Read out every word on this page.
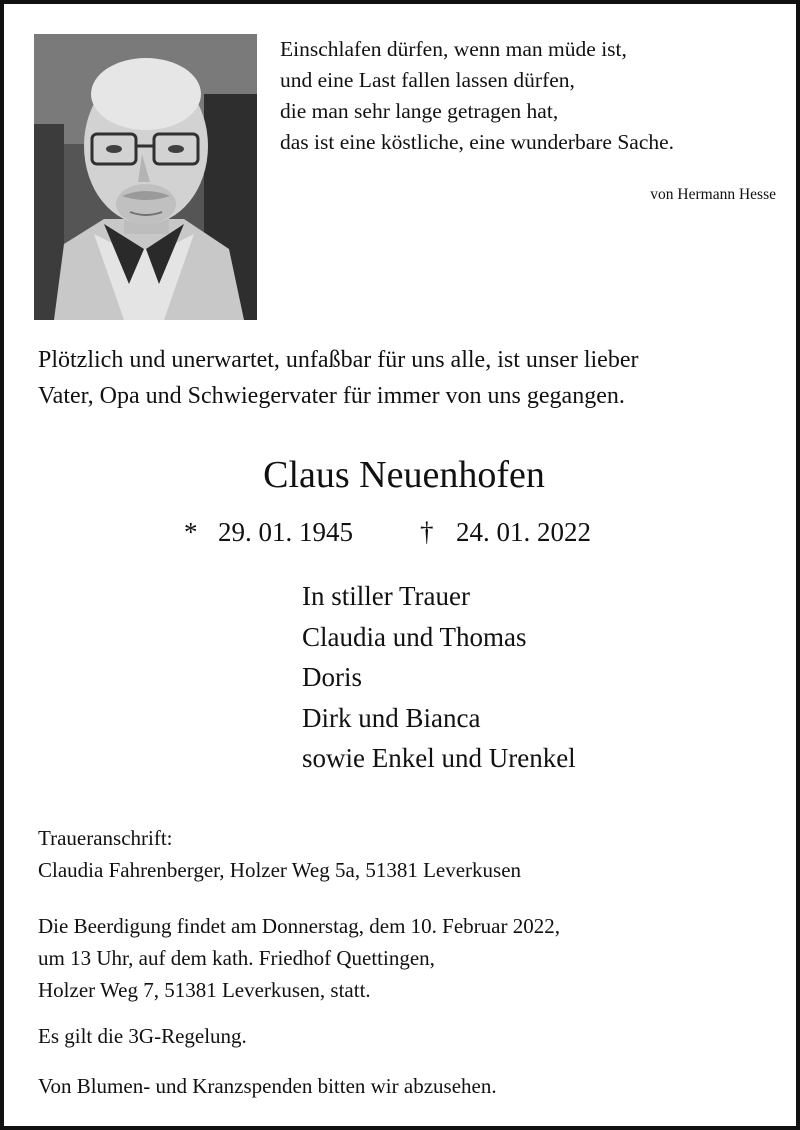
Einschlafen dürfen, wenn man müde ist,
und eine Last fallen lassen dürfen,
die man sehr lange getragen hat,
das ist eine köstliche, eine wunderbare Sache.
von Hermann Hesse
Plötzlich und unerwartet, unfaßbar für uns alle, ist unser lieber
Vater, Opa und Schwiegervater für immer von uns gegangen.
Claus Neuenhofen
* 29. 01. 1945 † 24. 01. 2022
In stiller Trauer
Claudia und Thomas
Doris
Dirk und Bianca
sowie Enkel und Urenkel
Traueranschrift:
Claudia Fahrenberger, Holzer Weg 5a, 51381 Leverkusen
Die Beerdigung findet am Donnerstag, dem 10. Februar 2022,
um 13 Uhr, auf dem kath. Friedhof Quettingen,
Holzer Weg 7, 51381 Leverkusen, statt.
Es gilt die 3G-Regelung.
Von Blumen- und Kranzspenden bitten wir abzusehen.
